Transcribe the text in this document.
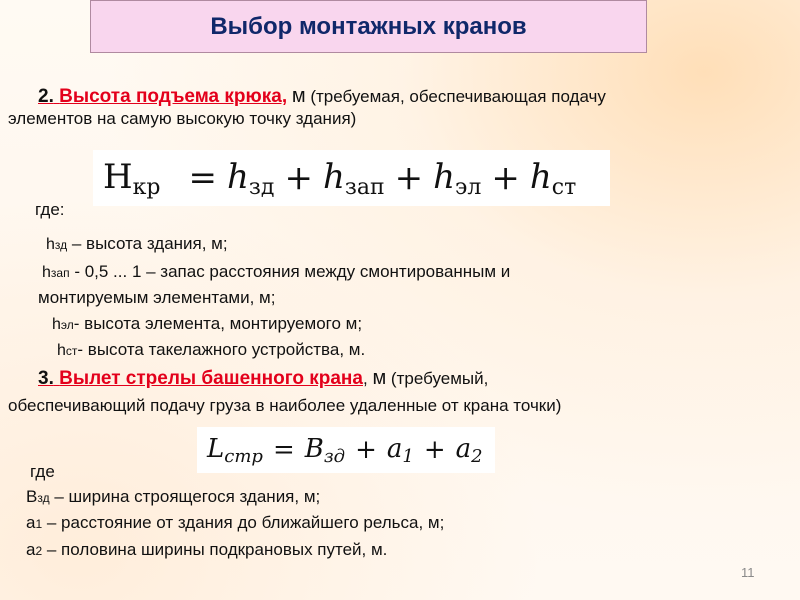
Выбор монтажных кранов
2. Высота подъема крюка, м (требуемая, обеспечивающая подачу
элементов на самую высокую точку здания)
$H_{кр} = h_{зд} + h_{зап} + h_{эл} + h_{ст}$
где:
hзд – высота здания, м;
hзап - 0,5 ... 1 – запас расстояния между смонтированным и
монтируемым элементами, м;
hэл- высота элемента, монтируемого м;
hст- высота такелажного устройства, м.
3. Вылет стрелы башенного крана, м (требуемый,
обеспечивающий подачу груза в наиболее удаленные от крана точки)
$L_{стр} = B_{зд} + a_1 + a_2$
где
Взд – ширина строящегося здания, м;
а1 – расстояние от здания до ближайшего рельса, м;
а2 – половина ширины подкрановых путей, м.
11
